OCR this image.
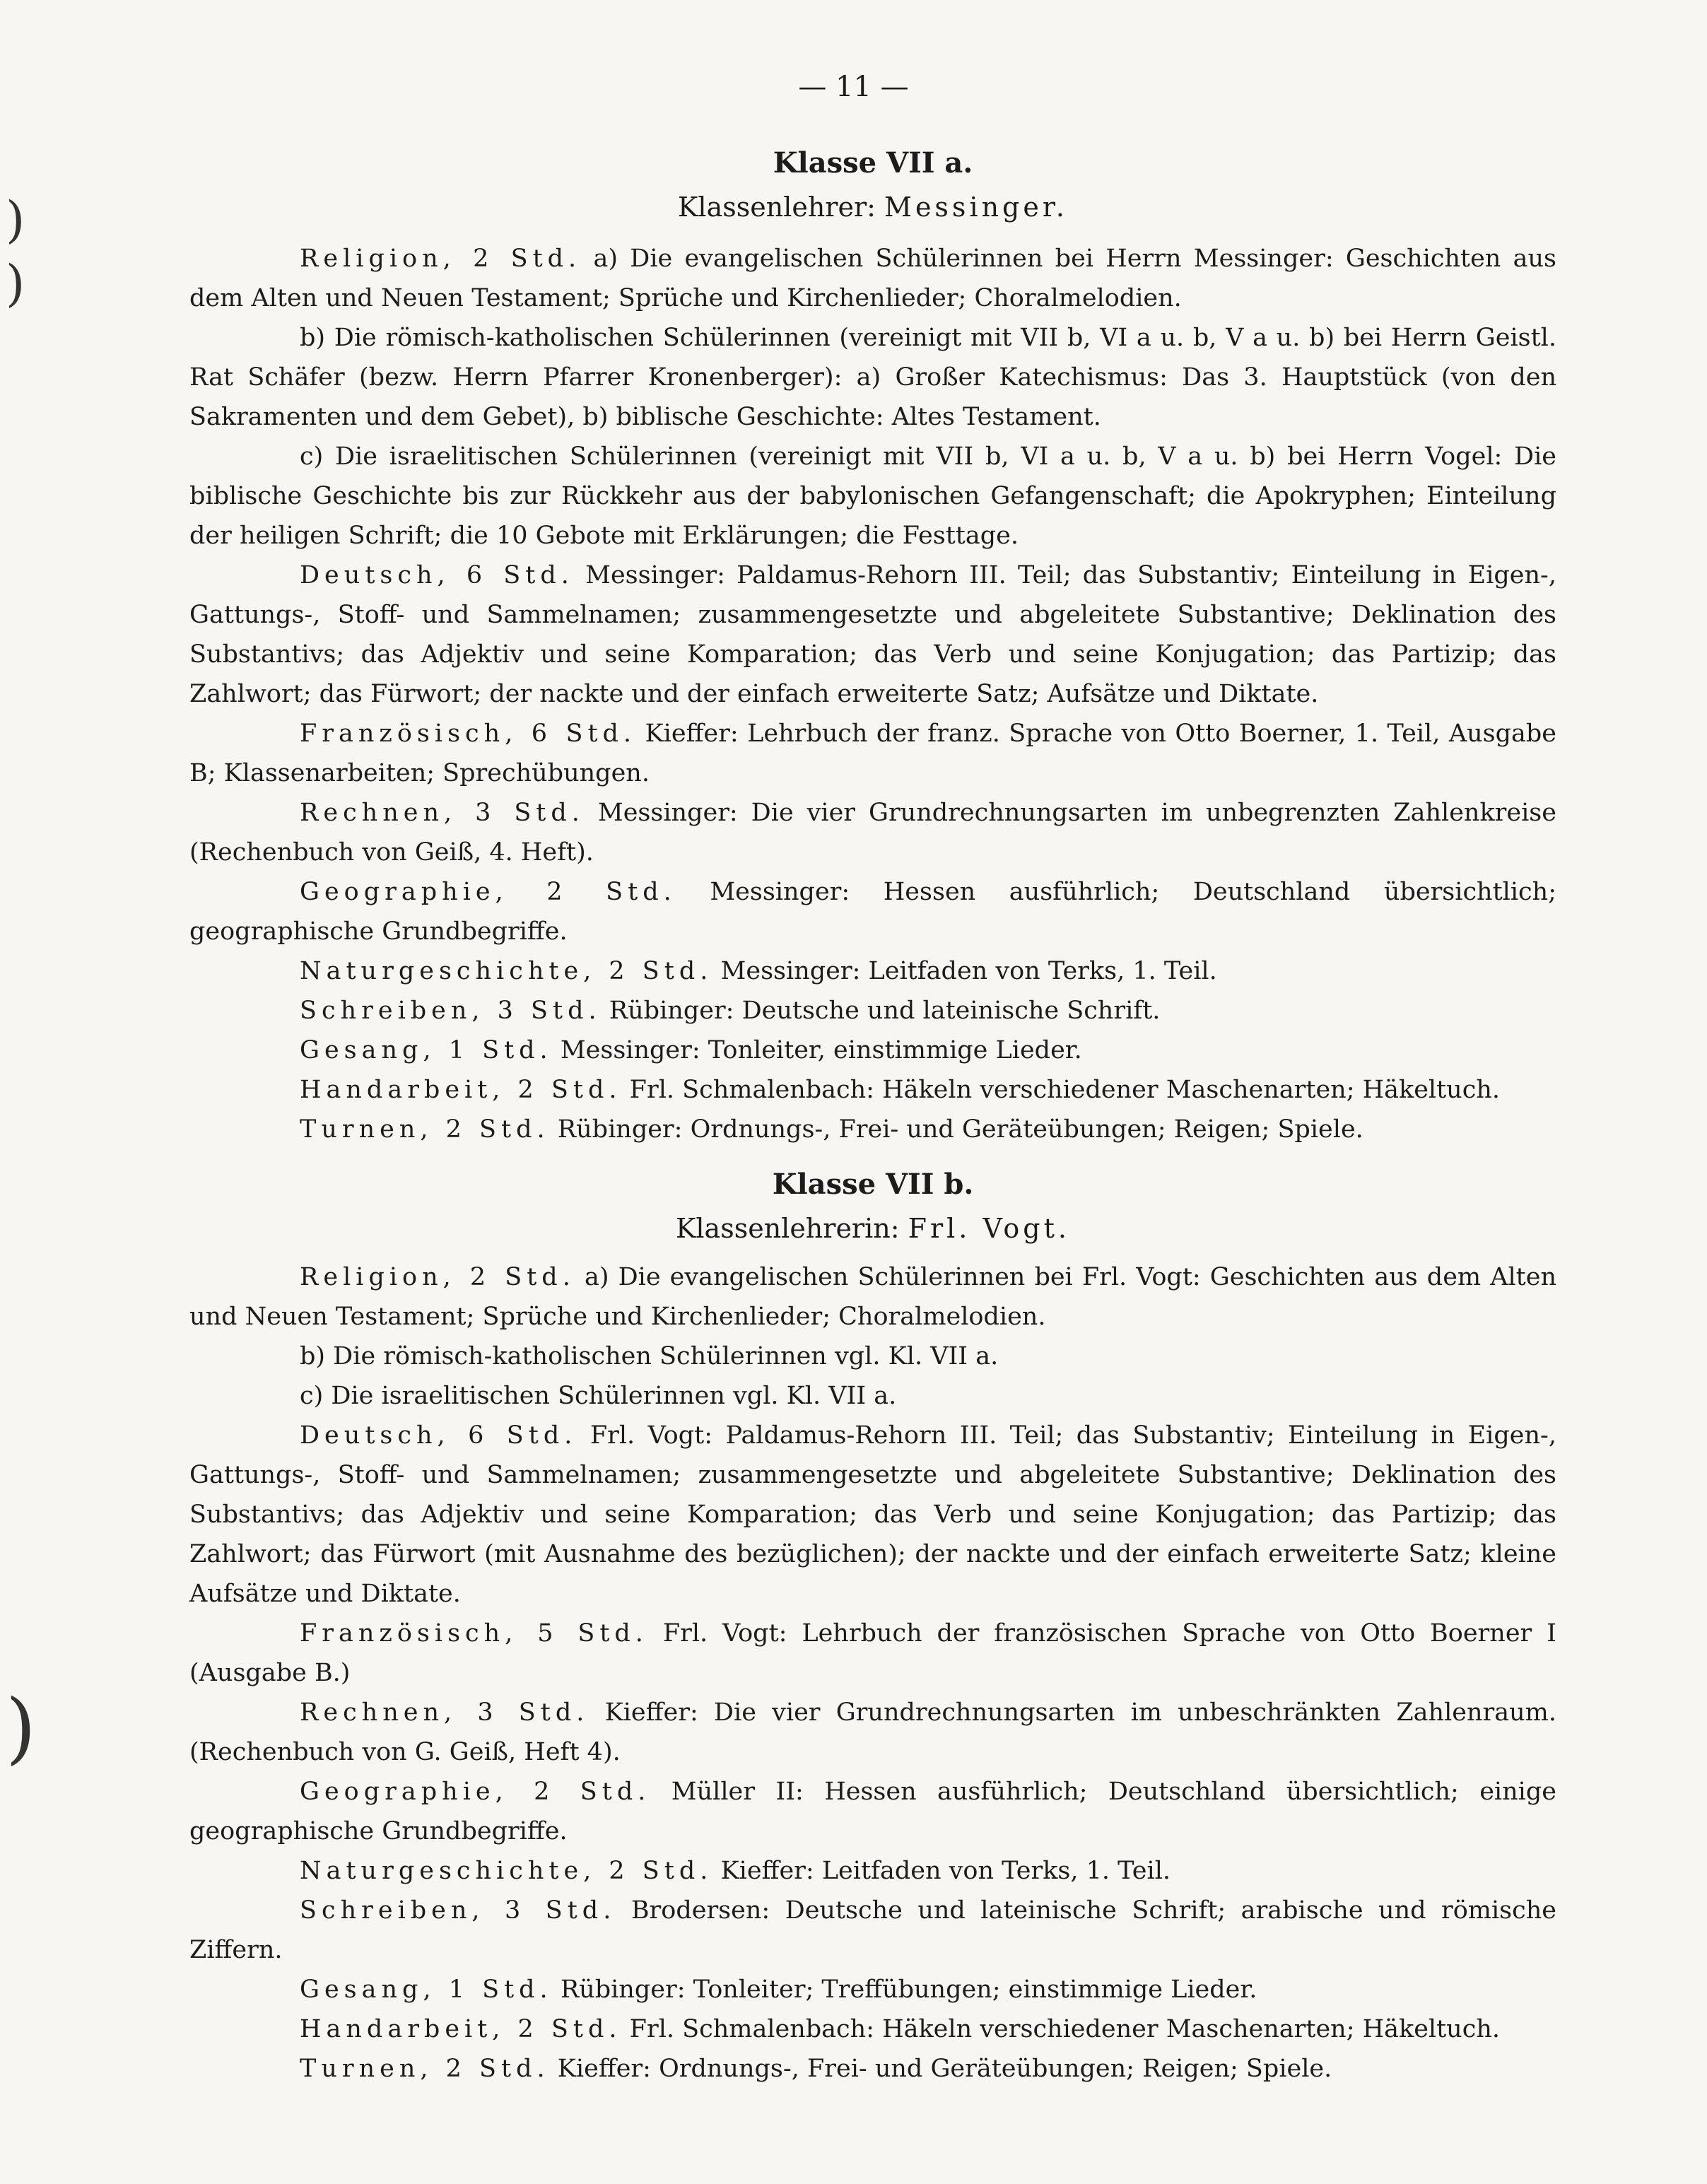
)
)
)
— 11 —
Klasse VII a.
Klassenlehrer: Messinger.

Religion, 2 Std. a) Die evangelischen Schülerinnen bei Herrn Messinger: Geschichten aus dem Alten und Neuen Testament; Sprüche und Kirchenlieder; Choralmelodien.

b) Die römisch-katholischen Schülerinnen (vereinigt mit VII b, VI a u. b, V a u. b) bei Herrn Geistl. Rat Schäfer (bezw. Herrn Pfarrer Kronenberger): a) Großer Katechismus: Das 3. Hauptstück (von den Sakramenten und dem Gebet), b) biblische Geschichte: Altes Testament.

c) Die israelitischen Schülerinnen (vereinigt mit VII b, VI a u. b, V a u. b) bei Herrn Vogel: Die biblische Geschichte bis zur Rückkehr aus der babylonischen Gefangenschaft; die Apokryphen; Einteilung der heiligen Schrift; die 10 Gebote mit Erklärungen; die Festtage.

Deutsch, 6 Std. Messinger: Paldamus-Rehorn III. Teil; das Substantiv; Einteilung in Eigen-, Gattungs-, Stoff- und Sammelnamen; zusammengesetzte und abgeleitete Substantive; Deklination des Substantivs; das Adjektiv und seine Komparation; das Verb und seine Konjugation; das Partizip; das Zahlwort; das Fürwort; der nackte und der einfach erweiterte Satz; Aufsätze und Diktate.

Französisch, 6 Std. Kieffer: Lehrbuch der franz. Sprache von Otto Boerner, 1. Teil, Ausgabe B; Klassenarbeiten; Sprechübungen.

Rechnen, 3 Std. Messinger: Die vier Grundrechnungsarten im unbegrenzten Zahlenkreise (Rechenbuch von Geiß, 4. Heft).

Geographie, 2 Std. Messinger: Hessen ausführlich; Deutschland übersichtlich; geographische Grundbegriffe.

Naturgeschichte, 2 Std. Messinger: Leitfaden von Terks, 1. Teil.

Schreiben, 3 Std. Rübinger: Deutsche und lateinische Schrift.

Gesang, 1 Std. Messinger: Tonleiter, einstimmige Lieder.

Handarbeit, 2 Std. Frl. Schmalenbach: Häkeln verschiedener Maschenarten; Häkeltuch.

Turnen, 2 Std. Rübinger: Ordnungs-, Frei- und Geräteübungen; Reigen; Spiele.

Klasse VII b.
Klassenlehrerin: Frl. Vogt.

Religion, 2 Std. a) Die evangelischen Schülerinnen bei Frl. Vogt: Geschichten aus dem Alten und Neuen Testament; Sprüche und Kirchenlieder; Choralmelodien.

b) Die römisch-katholischen Schülerinnen vgl. Kl. VII a.

c) Die israelitischen Schülerinnen vgl. Kl. VII a.

Deutsch, 6 Std. Frl. Vogt: Paldamus-Rehorn III. Teil; das Substantiv; Einteilung in Eigen-, Gattungs-, Stoff- und Sammelnamen; zusammengesetzte und abgeleitete Substantive; Deklination des Substantivs; das Adjektiv und seine Komparation; das Verb und seine Konjugation; das Partizip; das Zahlwort; das Fürwort (mit Ausnahme des bezüglichen); der nackte und der einfach erweiterte Satz; kleine Aufsätze und Diktate.

Französisch, 5 Std. Frl. Vogt: Lehrbuch der französischen Sprache von Otto Boerner I (Ausgabe B.)

Rechnen, 3 Std. Kieffer: Die vier Grundrechnungsarten im unbeschränkten Zahlenraum. (Rechenbuch von G. Geiß, Heft 4).

Geographie, 2 Std. Müller II: Hessen ausführlich; Deutschland übersichtlich; einige geographische Grundbegriffe.

Naturgeschichte, 2 Std. Kieffer: Leitfaden von Terks, 1. Teil.

Schreiben, 3 Std. Brodersen: Deutsche und lateinische Schrift; arabische und römische Ziffern.

Gesang, 1 Std. Rübinger: Tonleiter; Treffübungen; einstimmige Lieder.

Handarbeit, 2 Std. Frl. Schmalenbach: Häkeln verschiedener Maschenarten; Häkeltuch.

Turnen, 2 Std. Kieffer: Ordnungs-, Frei- und Geräteübungen; Reigen; Spiele.
